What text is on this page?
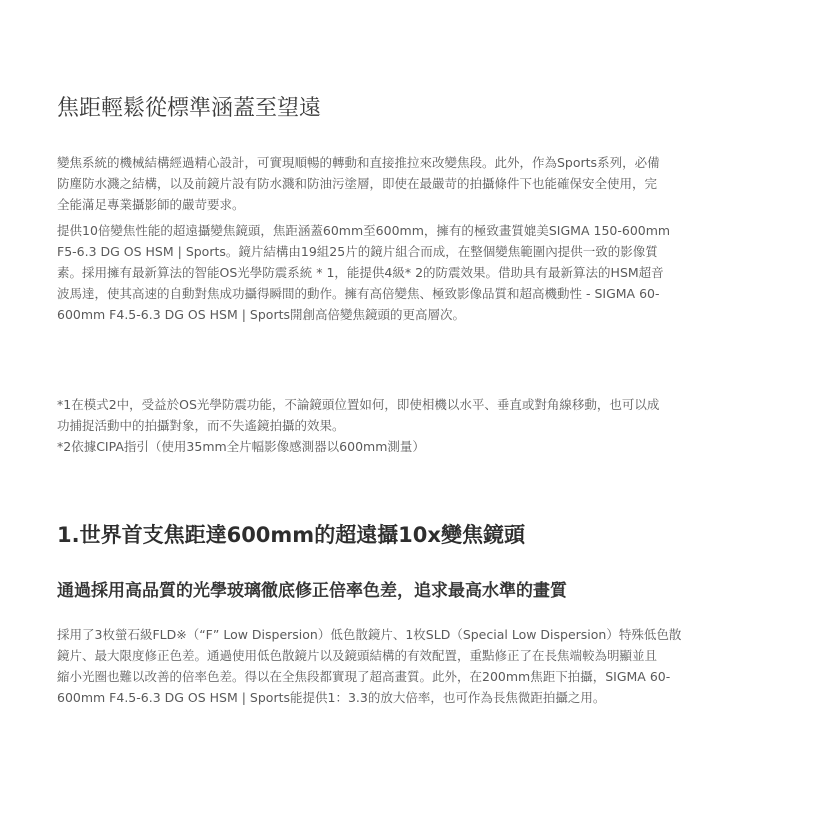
焦距輕鬆從標準涵蓋至望遠

變焦系統的機械結構經過精心設計，可實現順暢的轉動和直接推拉來改變焦段。此外，作為Sports系列，必備
防塵防水濺之結構，以及前鏡片設有防水濺和防油污塗層，即使在最嚴苛的拍攝條件下也能確保安全使用，完
全能滿足專業攝影師的嚴苛要求。

提供10倍變焦性能的超遠攝變焦鏡頭，焦距涵蓋60mm至600mm，擁有的極致畫質媲美SIGMA 150-600mm
F5-6.3 DG OS HSM | Sports。鏡片結構由19組25片的鏡片組合而成，在整個變焦範圍內提供一致的影像質
素。採用擁有最新算法的智能OS光學防震系統 * 1，能提供4級* 2的防震效果。借助具有最新算法的HSM超音
波馬達，使其高速的自動對焦成功攝得瞬間的動作。擁有高倍變焦、極致影像品質和超高機動性 - SIGMA 60-
600mm F4.5-6.3 DG OS HSM | Sports開創高倍變焦鏡頭的更高層次。

*1在模式2中，受益於OS光學防震功能，不論鏡頭位置如何，即使相機以水平、垂直或對角線移動，也可以成
功捕捉活動中的拍攝對象，而不失遙鏡拍攝的效果。
*2依據CIPA指引（使用35mm全片幅影像感測器以600mm測量）

1.世界首支焦距達600mm的超遠攝10x變焦鏡頭
通過採用高品質的光學玻璃徹底修正倍率色差，追求最高水準的畫質

採用了3枚螢石級FLD※（“F” Low Dispersion）低色散鏡片、1枚SLD（Special Low Dispersion）特殊低色散
鏡片、最大限度修正色差。通過使用低色散鏡片以及鏡頭結構的有效配置，重點修正了在長焦端較為明顯並且
縮小光圈也難以改善的倍率色差。得以在全焦段都實現了超高畫質。此外，在200mm焦距下拍攝，SIGMA 60-
600mm F4.5-6.3 DG OS HSM | Sports能提供1：3.3的放大倍率，也可作為長焦微距拍攝之用。
